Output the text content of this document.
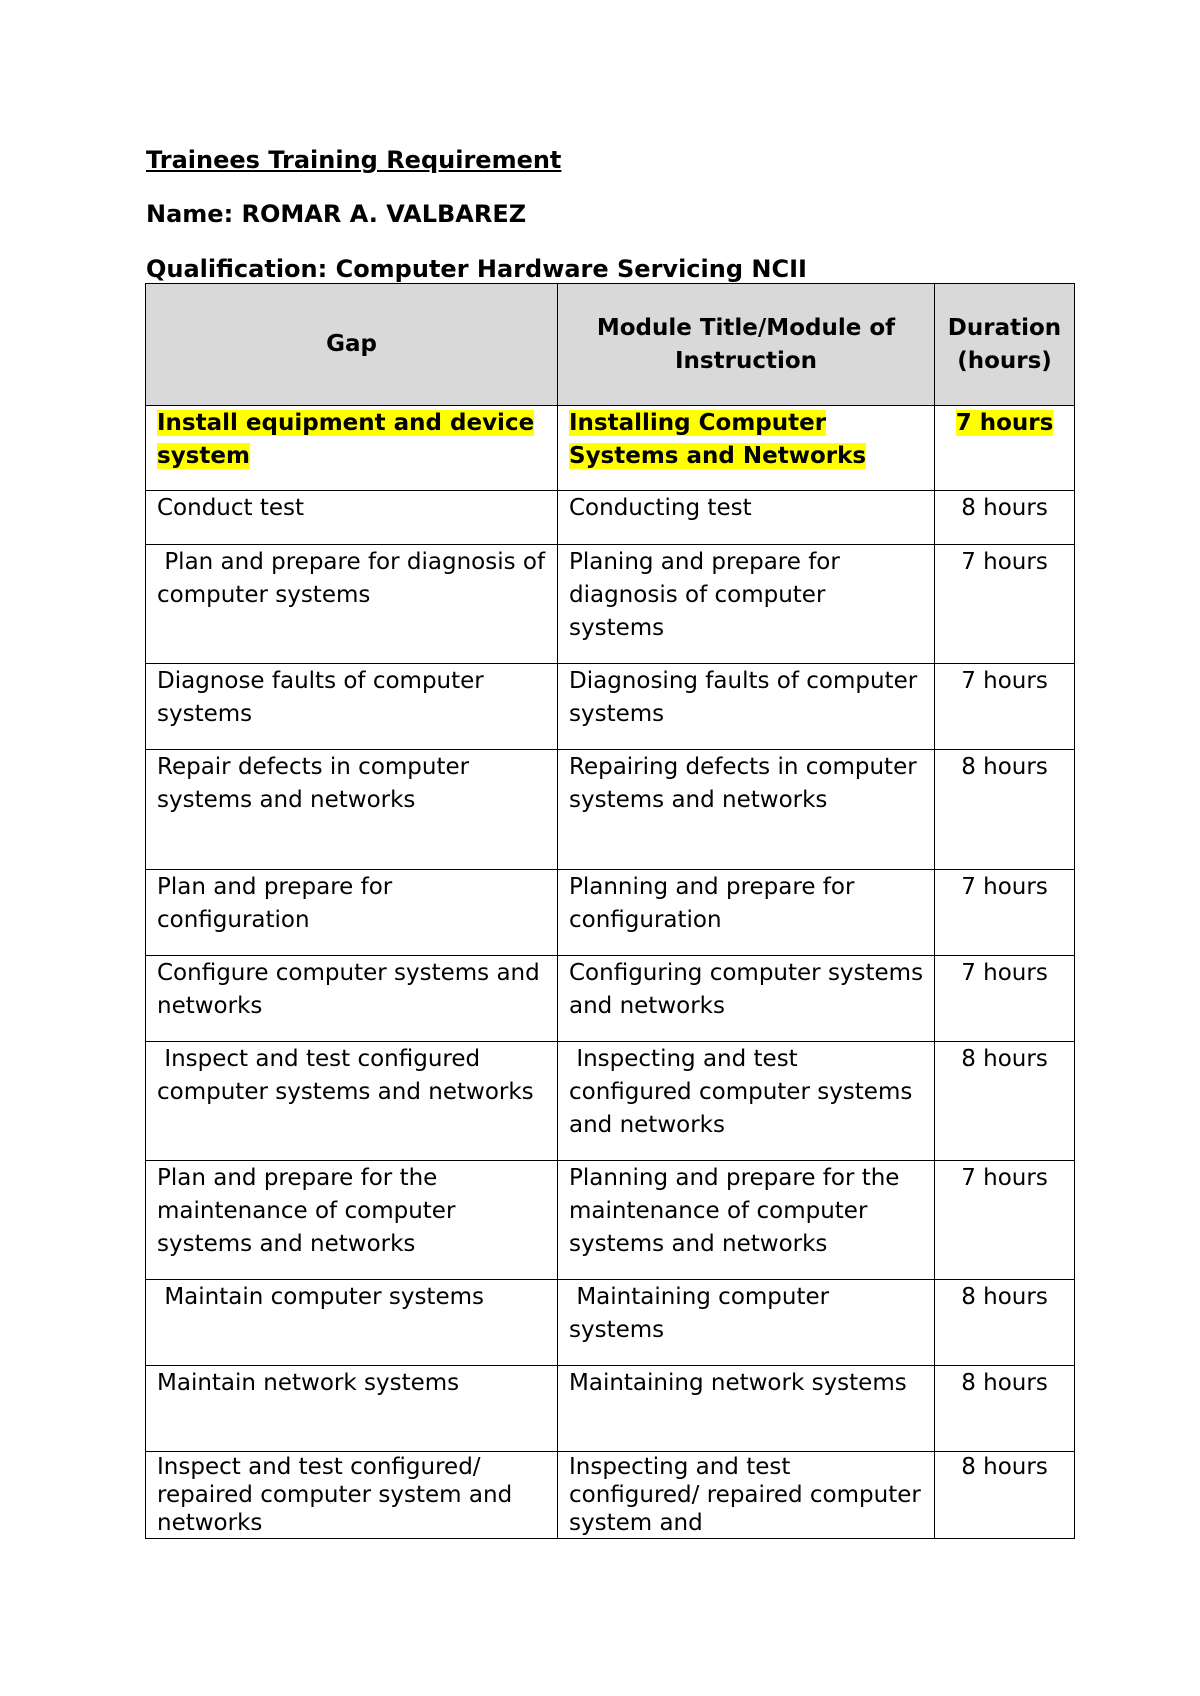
Trainees Training Requirement
Name: ROMAR A. VALBAREZ
Qualification: Computer Hardware Servicing NCII
Gap	Module Title/Module of Instruction	Duration (hours)

Install equipment and device system	Installing Computer Systems and Networks	7 hours

Conduct test	Conducting test	8 hours

Plan and prepare for diagnosis of computer systems	Planing and prepare for diagnosis of computer systems	7 hours

Diagnose faults of computer systems	Diagnosing faults of computer systems	7 hours

Repair defects in computer systems and networks	Repairing defects in computer systems and networks	8 hours

Plan and prepare for configuration	Planning and prepare for configuration	7 hours

Configure computer systems and networks	Configuring computer systems and networks	7 hours

Inspect and test configured computer systems and networks	Inspecting and test configured computer systems and networks	8 hours

Plan and prepare for the maintenance of computer systems and networks	Planning and prepare for the maintenance of computer systems and networks	7 hours

Maintain computer systems	Maintaining computer systems	8 hours

Maintain network systems	Maintaining network systems	8 hours

Inspect and test configured/ repaired computer system and networks	Inspecting and test configured/ repaired computer system and	8 hours
